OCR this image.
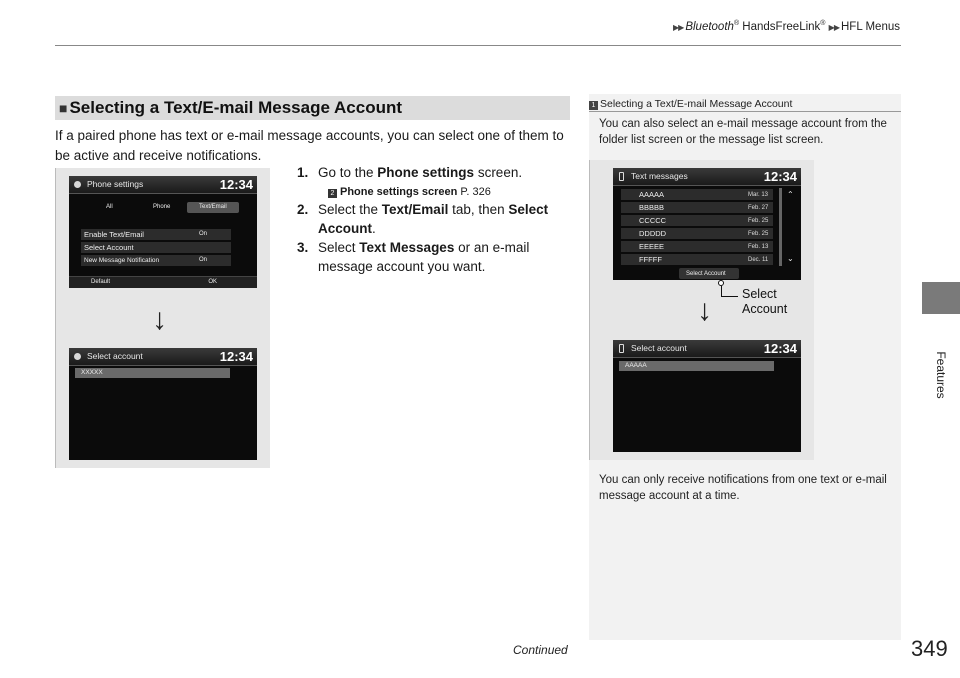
▶▶ Bluetooth® HandsFreeLink® ▶▶ HFL Menus
Features
■ Selecting a Text/E-mail Message Account
If a paired phone has text or e-mail message accounts, you can select one of them to be active and receive notifications.
Phone settings	12:34
All	Phone	Text/Email
Enable Text/Email	On
Select Account
New Message Notification	On
Default	OK
↓
Select account	12:34
XXXXX
1. Go to the Phone settings screen.
2 Phone settings screen P. 326
2. Select the Text/Email tab, then Select Account.
3. Select Text Messages or an e-mail message account you want.
1 Selecting a Text/E-mail Message Account
You can also select an e-mail message account from the folder list screen or the message list screen.
Text messages	12:34
AAAAA	Mar. 13
BBBBB	Feb. 27
CCCCC	Feb. 25
DDDDD	Feb. 25
EEEEE	Feb. 13
FFFFF	Dec. 11
⌃
⌄
Select Account
↓
Select account	12:34
AAAAA
You can only receive notifications from one text or e-mail message account at a time.
Select
Account
Continued	349
